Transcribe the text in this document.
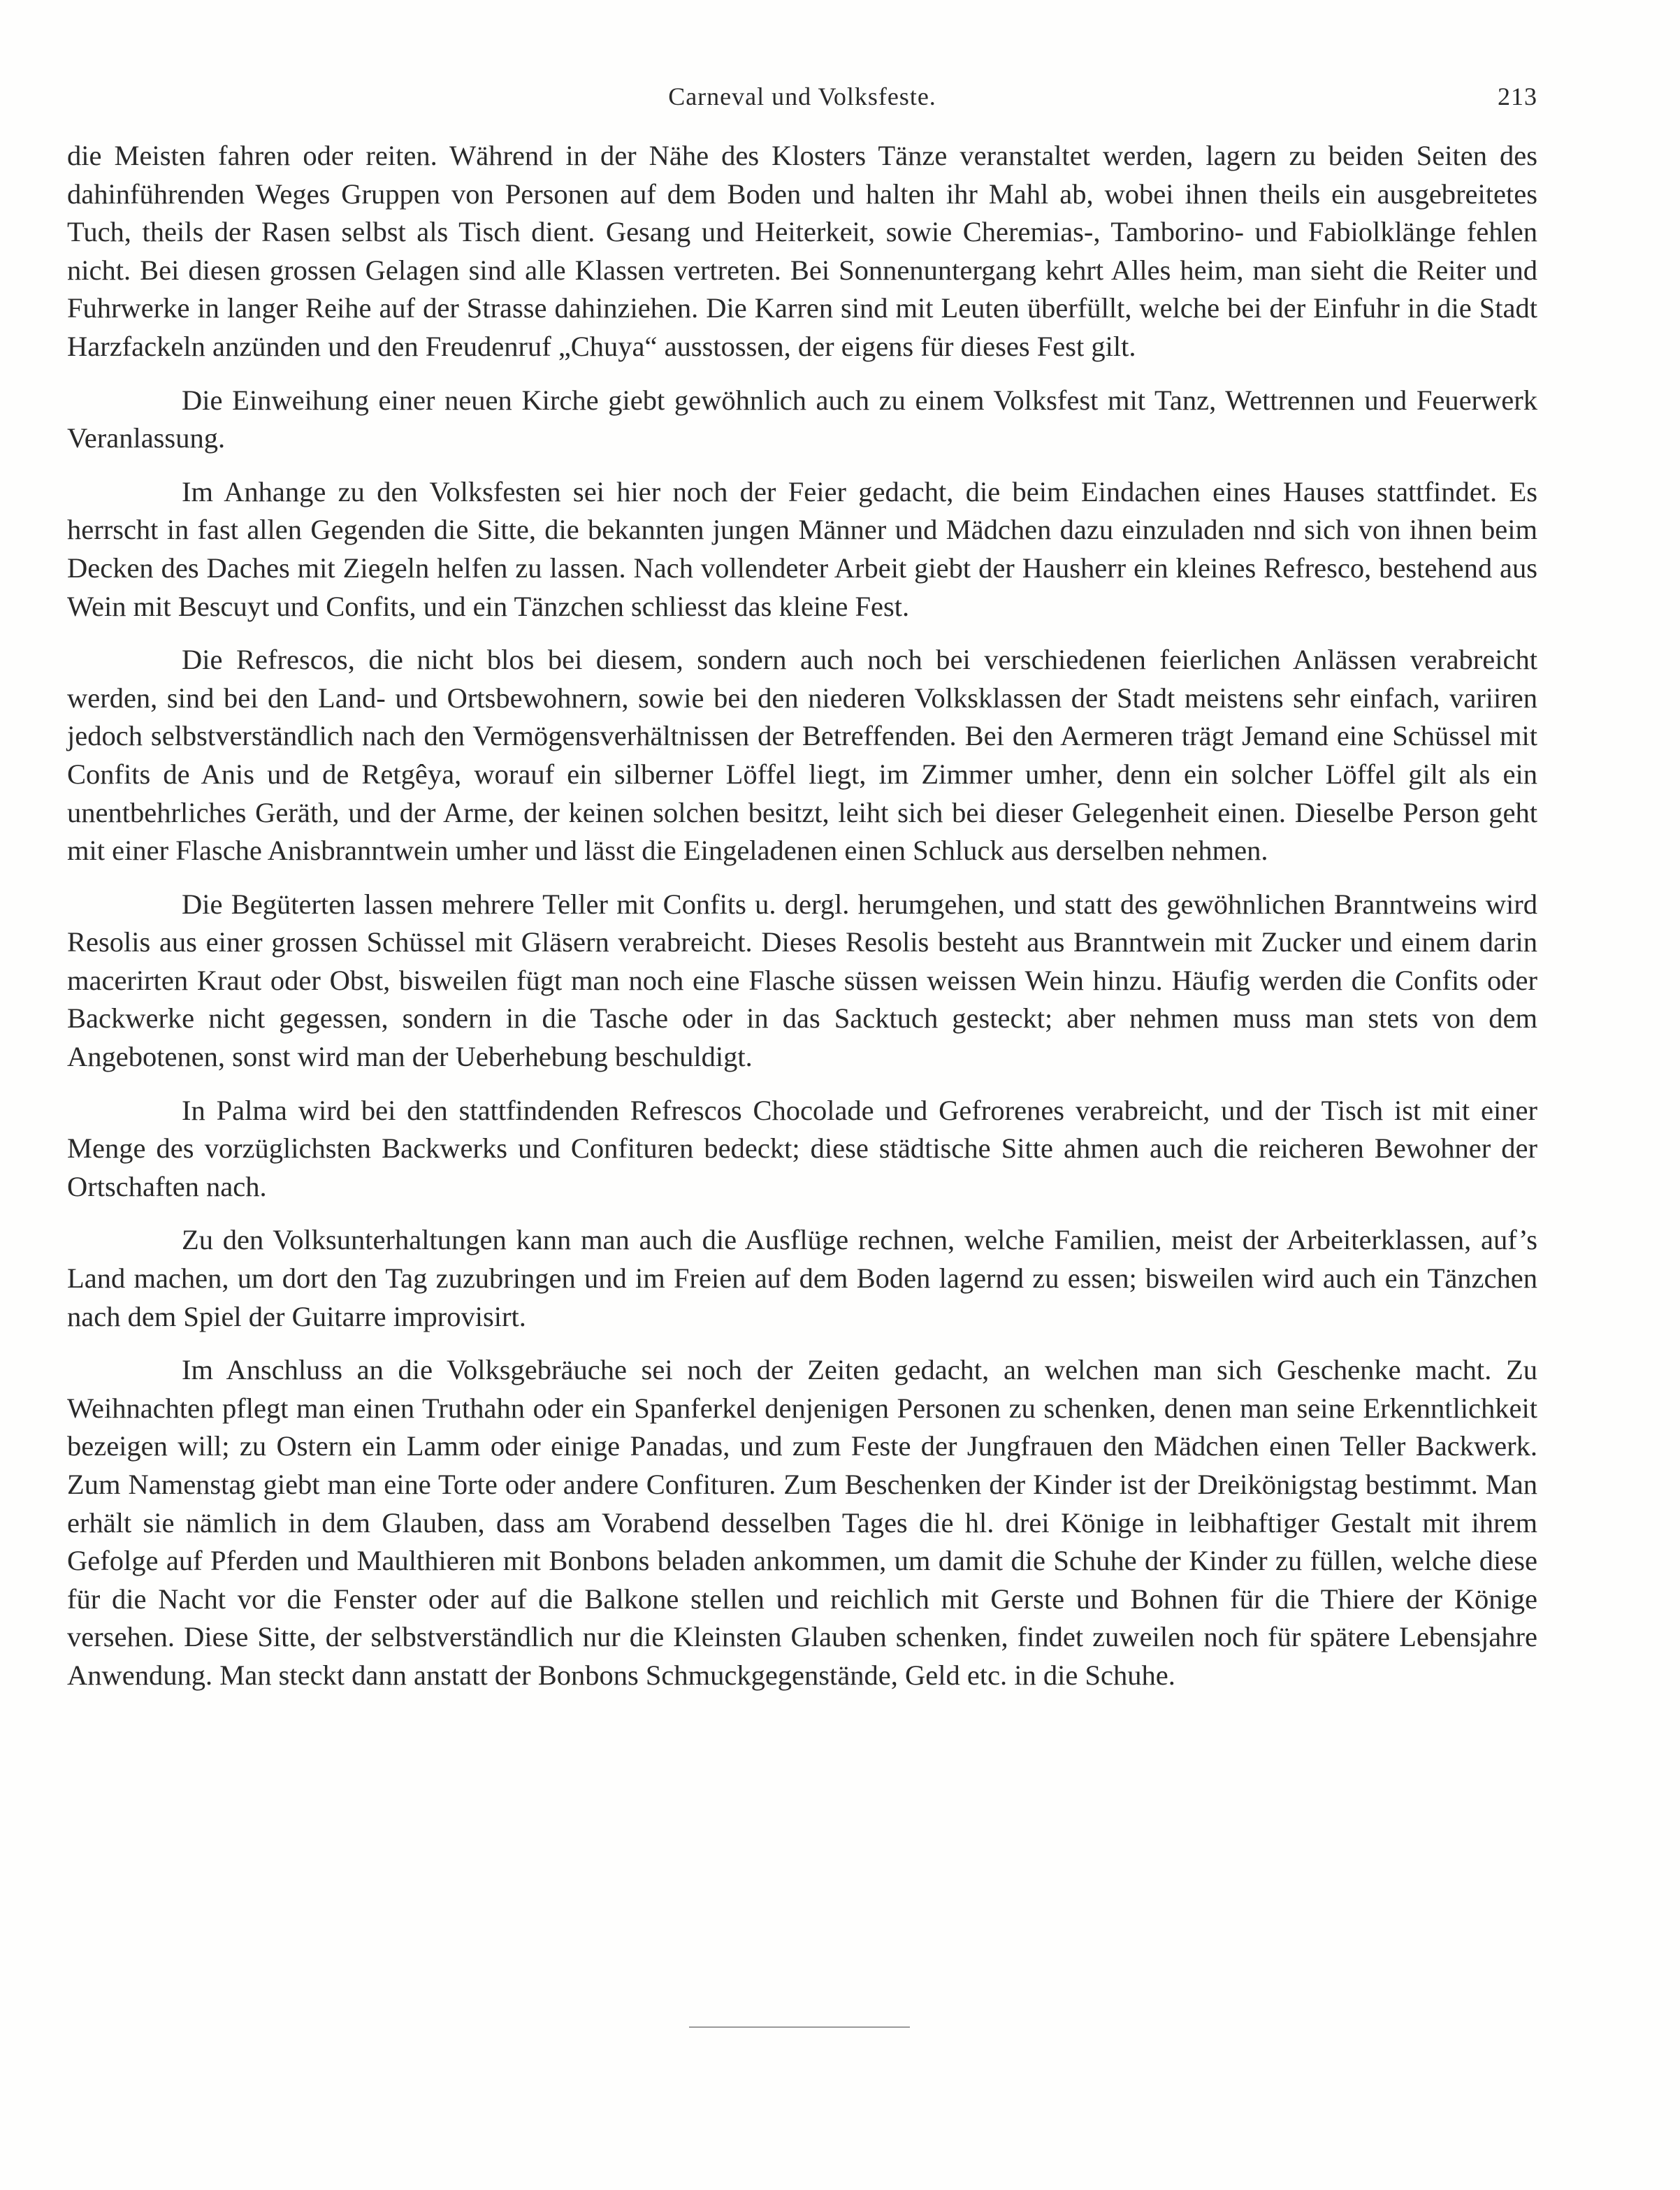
Carneval und Volksfeste.	213

die Meisten fahren oder reiten. Während in der Nähe des Klosters Tänze veranstaltet werden, lagern zu beiden Seiten des dahinführenden Weges Gruppen von Personen auf dem Boden und halten ihr Mahl ab, wobei ihnen theils ein ausgebreitetes Tuch, theils der Rasen selbst als Tisch dient. Gesang und Heiterkeit, sowie Cheremias-, Tamborino- und Fabiolklänge fehlen nicht. Bei diesen grossen Gelagen sind alle Klassen vertreten. Bei Sonnenuntergang kehrt Alles heim, man sieht die Reiter und Fuhrwerke in langer Reihe auf der Strasse dahinziehen. Die Karren sind mit Leuten überfüllt, welche bei der Einfuhr in die Stadt Harzfackeln anzünden und den Freudenruf „Chuya“ ausstossen, der eigens für dieses Fest gilt.

Die Einweihung einer neuen Kirche giebt gewöhnlich auch zu einem Volksfest mit Tanz, Wettrennen und Feuerwerk Veranlassung.

Im Anhange zu den Volksfesten sei hier noch der Feier gedacht, die beim Eindachen eines Hauses stattfindet. Es herrscht in fast allen Gegenden die Sitte, die bekannten jungen Männer und Mädchen dazu einzuladen nnd sich von ihnen beim Decken des Daches mit Ziegeln helfen zu lassen. Nach vollendeter Arbeit giebt der Hausherr ein kleines Refresco, bestehend aus Wein mit Bescuyt und Confits, und ein Tänzchen schliesst das kleine Fest.

Die Refrescos, die nicht blos bei diesem, sondern auch noch bei verschiedenen feierlichen Anlässen verabreicht werden, sind bei den Land- und Ortsbewohnern, sowie bei den niederen Volksklassen der Stadt meistens sehr einfach, variiren jedoch selbstverständlich nach den Vermögensverhältnissen der Betreffenden. Bei den Aermeren trägt Jemand eine Schüssel mit Confits de Anis und de Retgêya, worauf ein silberner Löffel liegt, im Zimmer umher, denn ein solcher Löffel gilt als ein unentbehrliches Geräth, und der Arme, der keinen solchen besitzt, leiht sich bei dieser Gelegenheit einen. Dieselbe Person geht mit einer Flasche Anisbranntwein umher und lässt die Eingeladenen einen Schluck aus derselben nehmen.

Die Begüterten lassen mehrere Teller mit Confits u. dergl. herumgehen, und statt des gewöhnlichen Branntweins wird Resolis aus einer grossen Schüssel mit Gläsern verabreicht. Dieses Resolis besteht aus Branntwein mit Zucker und einem darin macerirten Kraut oder Obst, bisweilen fügt man noch eine Flasche süssen weissen Wein hinzu. Häufig werden die Confits oder Backwerke nicht gegessen, sondern in die Tasche oder in das Sacktuch gesteckt; aber nehmen muss man stets von dem Angebotenen, sonst wird man der Ueberhebung beschuldigt.

In Palma wird bei den stattfindenden Refrescos Chocolade und Gefrorenes verabreicht, und der Tisch ist mit einer Menge des vorzüglichsten Backwerks und Confituren bedeckt; diese städtische Sitte ahmen auch die reicheren Bewohner der Ortschaften nach.

Zu den Volksunterhaltungen kann man auch die Ausflüge rechnen, welche Familien, meist der Arbeiterklassen, auf’s Land machen, um dort den Tag zuzubringen und im Freien auf dem Boden lagernd zu essen; bisweilen wird auch ein Tänzchen nach dem Spiel der Guitarre improvisirt.

Im Anschluss an die Volksgebräuche sei noch der Zeiten gedacht, an welchen man sich Geschenke macht. Zu Weihnachten pflegt man einen Truthahn oder ein Spanferkel denjenigen Personen zu schenken, denen man seine Erkenntlichkeit bezeigen will; zu Ostern ein Lamm oder einige Panadas, und zum Feste der Jungfrauen den Mädchen einen Teller Backwerk. Zum Namenstag giebt man eine Torte oder andere Confituren. Zum Beschenken der Kinder ist der Dreikönigstag bestimmt. Man erhält sie nämlich in dem Glauben, dass am Vorabend desselben Tages die hl. drei Könige in leibhaftiger Gestalt mit ihrem Gefolge auf Pferden und Maulthieren mit Bonbons beladen ankommen, um damit die Schuhe der Kinder zu füllen, welche diese für die Nacht vor die Fenster oder auf die Balkone stellen und reichlich mit Gerste und Bohnen für die Thiere der Könige versehen. Diese Sitte, der selbstverständlich nur die Kleinsten Glauben schenken, findet zuweilen noch für spätere Lebensjahre Anwendung. Man steckt dann anstatt der Bonbons Schmuckgegenstände, Geld etc. in die Schuhe.
